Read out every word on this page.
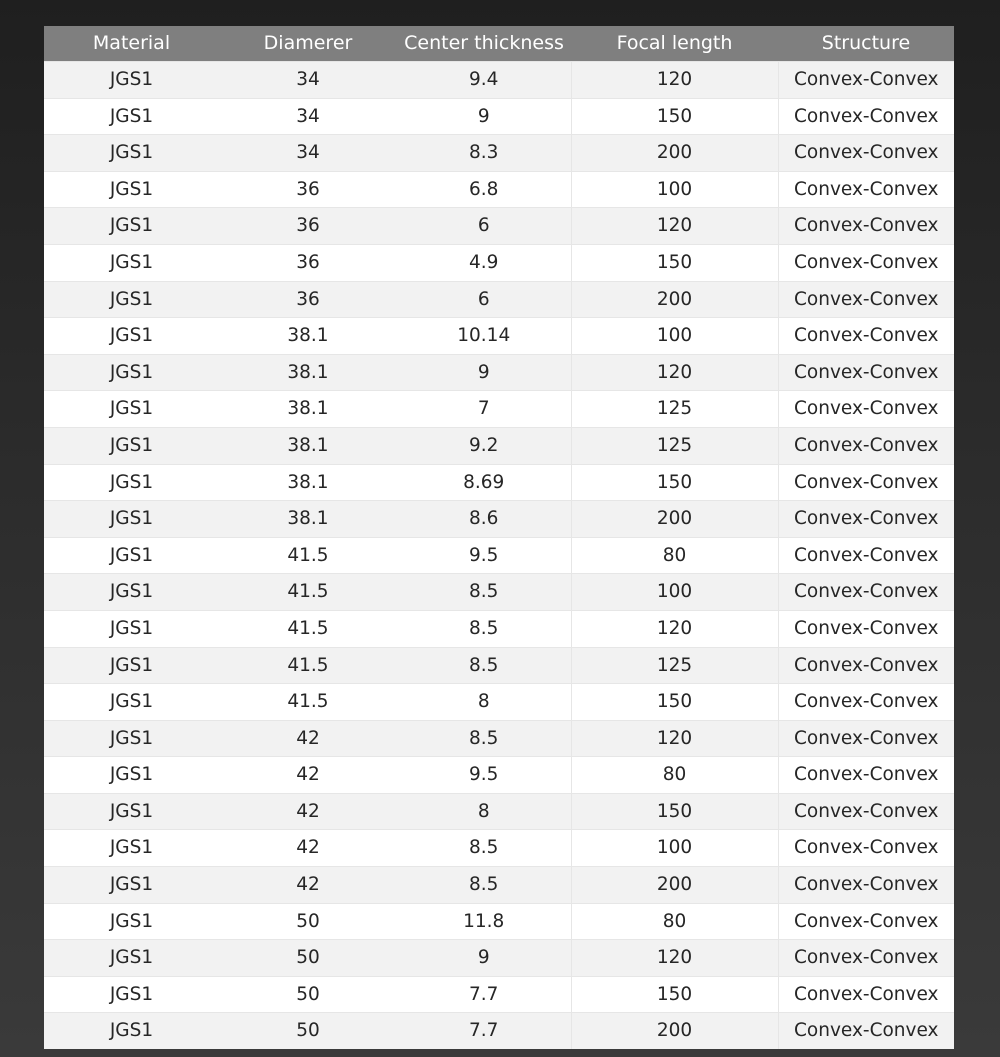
Material	Diamerer	Center thickness	Focal length	Structure
JGS1	34	9.4	120	Convex-Convex
JGS1	34	9	150	Convex-Convex
JGS1	34	8.3	200	Convex-Convex
JGS1	36	6.8	100	Convex-Convex
JGS1	36	6	120	Convex-Convex
JGS1	36	4.9	150	Convex-Convex
JGS1	36	6	200	Convex-Convex
JGS1	38.1	10.14	100	Convex-Convex
JGS1	38.1	9	120	Convex-Convex
JGS1	38.1	7	125	Convex-Convex
JGS1	38.1	9.2	125	Convex-Convex
JGS1	38.1	8.69	150	Convex-Convex
JGS1	38.1	8.6	200	Convex-Convex
JGS1	41.5	9.5	80	Convex-Convex
JGS1	41.5	8.5	100	Convex-Convex
JGS1	41.5	8.5	120	Convex-Convex
JGS1	41.5	8.5	125	Convex-Convex
JGS1	41.5	8	150	Convex-Convex
JGS1	42	8.5	120	Convex-Convex
JGS1	42	9.5	80	Convex-Convex
JGS1	42	8	150	Convex-Convex
JGS1	42	8.5	100	Convex-Convex
JGS1	42	8.5	200	Convex-Convex
JGS1	50	11.8	80	Convex-Convex
JGS1	50	9	120	Convex-Convex
JGS1	50	7.7	150	Convex-Convex
JGS1	50	7.7	200	Convex-Convex
